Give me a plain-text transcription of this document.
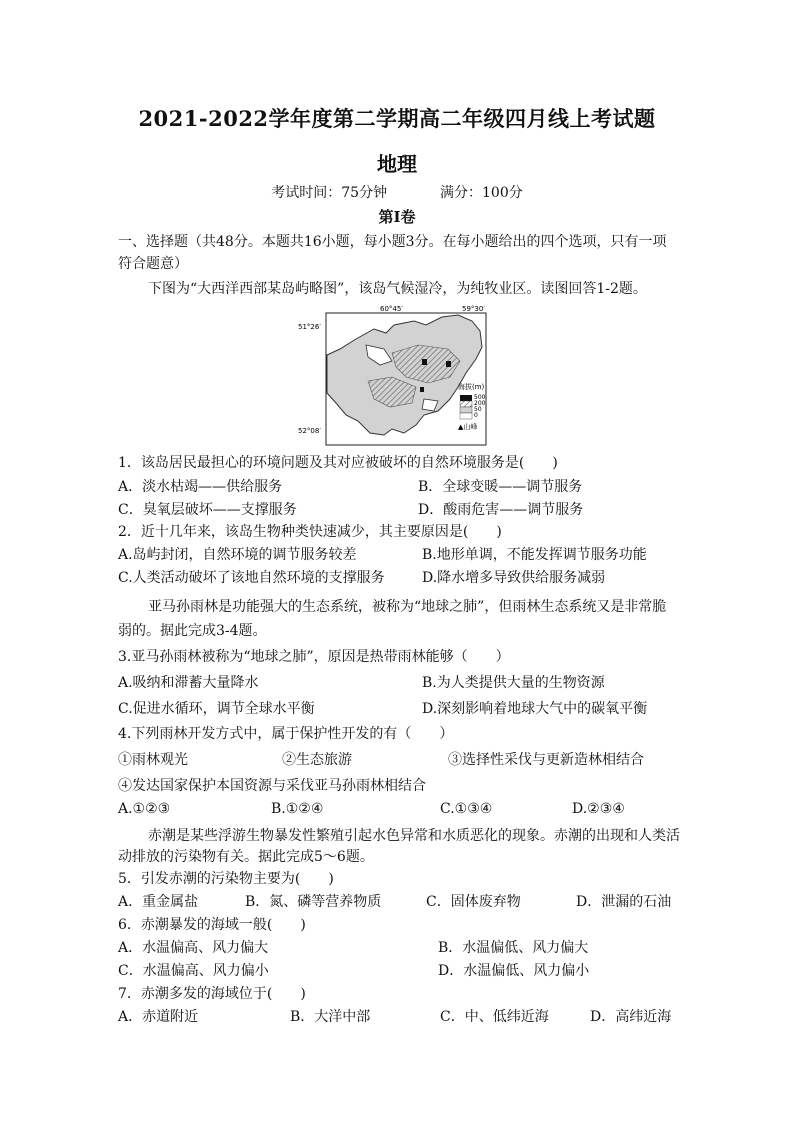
2021-2022学年度第二学期高二年级四月线上考试题
地理
考试时间：75分钟	满分：100分
第Ⅰ卷
一、选择题（共48分。本题共16小题，每小题3分。在每小题给出的四个选项，只有一项
符合题意）
下图为“大西洋西部某岛屿略图”，该岛气候湿冷，为纯牧业区。读图回答1-2题。
60°45′	59°30′
51°26′
52°08′
海拔(m)
500
200
50
0
▲山峰
1．该岛居民最担心的环境问题及其对应被破坏的自然环境服务是(　　)
A．淡水枯竭——供给服务	B．全球变暖——调节服务
C．臭氧层破坏——支撑服务	D．酸雨危害——调节服务
2．近十几年来，该岛生物种类快速减少，其主要原因是(　　)
A.岛屿封闭，自然环境的调节服务较差	B.地形单调，不能发挥调节服务功能
C.人类活动破坏了该地自然环境的支撑服务	D.降水增多导致供给服务减弱
亚马孙雨林是功能强大的生态系统，被称为“地球之肺”，但雨林生态系统又是非常脆
弱的。据此完成3-4题。
3.亚马孙雨林被称为“地球之肺”，原因是热带雨林能够（　　）
A.吸纳和滞蓄大量降水	B.为人类提供大量的生物资源
C.促进水循环，调节全球水平衡	D.深刻影响着地球大气中的碳氧平衡
4.下列雨林开发方式中，属于保护性开发的有（　　）
①雨林观光	②生态旅游	③选择性采伐与更新造林相结合
④发达国家保护本国资源与采伐亚马孙雨林相结合
A.①②③	B.①②④	C.①③④	D.②③④
赤潮是某些浮游生物暴发性繁殖引起水色异常和水质恶化的现象。赤潮的出现和人类活
动排放的污染物有关。据此完成5～6题。
5．引发赤潮的污染物主要为(　　)
A．重金属盐	B．氮、磷等营养物质	C．固体废弃物	D．泄漏的石油
6．赤潮暴发的海域一般(　　)
A．水温偏高、风力偏大	B．水温偏低、风力偏大
C．水温偏高、风力偏小	D．水温偏低、风力偏小
7．赤潮多发的海域位于(　　)
A．赤道附近	B．大洋中部	C．中、低纬近海	D．高纬近海
